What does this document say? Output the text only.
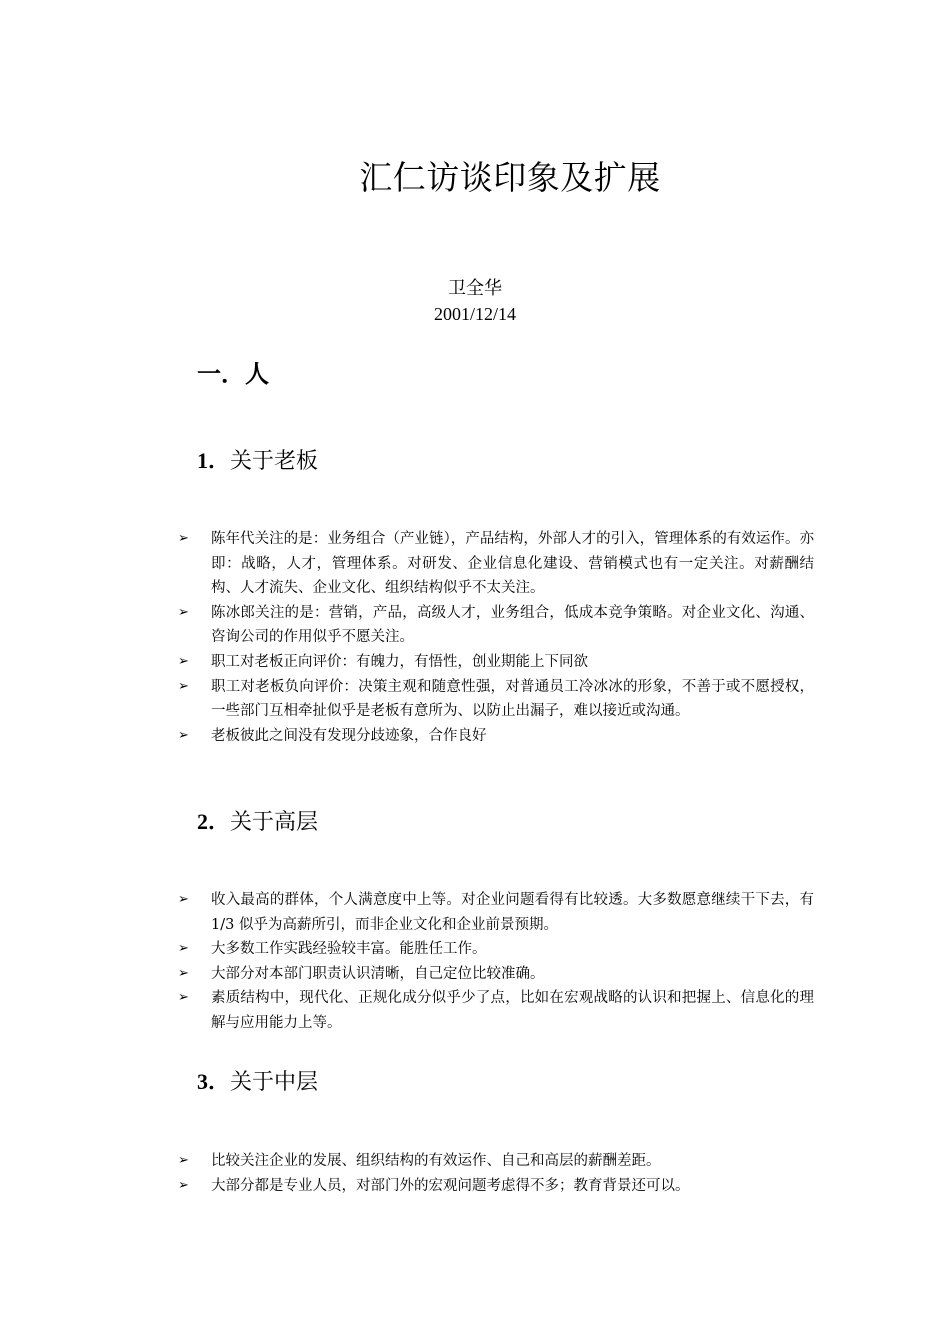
汇仁访谈印象及扩展
卫全华
2001/12/14
一．人
1．关于老板
➢ 陈年代关注的是：业务组合（产业链），产品结构，外部人才的引入，管理体系的有效运作。亦即：战略，人才，管理体系。对研发、企业信息化建设、营销模式也有一定关注。对薪酬结构、人才流失、企业文化、组织结构似乎不太关注。
➢ 陈冰郎关注的是：营销，产品，高级人才，业务组合，低成本竞争策略。对企业文化、沟通、咨询公司的作用似乎不愿关注。
➢ 职工对老板正向评价：有魄力，有悟性，创业期能上下同欲
➢ 职工对老板负向评价：决策主观和随意性强，对普通员工冷冰冰的形象，不善于或不愿授权，一些部门互相牵扯似乎是老板有意所为、以防止出漏子，难以接近或沟通。
➢ 老板彼此之间没有发现分歧迹象，合作良好
2．关于高层
➢ 收入最高的群体，个人满意度中上等。对企业问题看得有比较透。大多数愿意继续干下去，有 1/3 似乎为高薪所引，而非企业文化和企业前景预期。
➢ 大多数工作实践经验较丰富。能胜任工作。
➢ 大部分对本部门职责认识清晰，自己定位比较准确。
➢ 素质结构中，现代化、正规化成分似乎少了点，比如在宏观战略的认识和把握上、信息化的理解与应用能力上等。
3．关于中层
➢ 比较关注企业的发展、组织结构的有效运作、自己和高层的薪酬差距。
➢ 大部分都是专业人员，对部门外的宏观问题考虑得不多；教育背景还可以。
